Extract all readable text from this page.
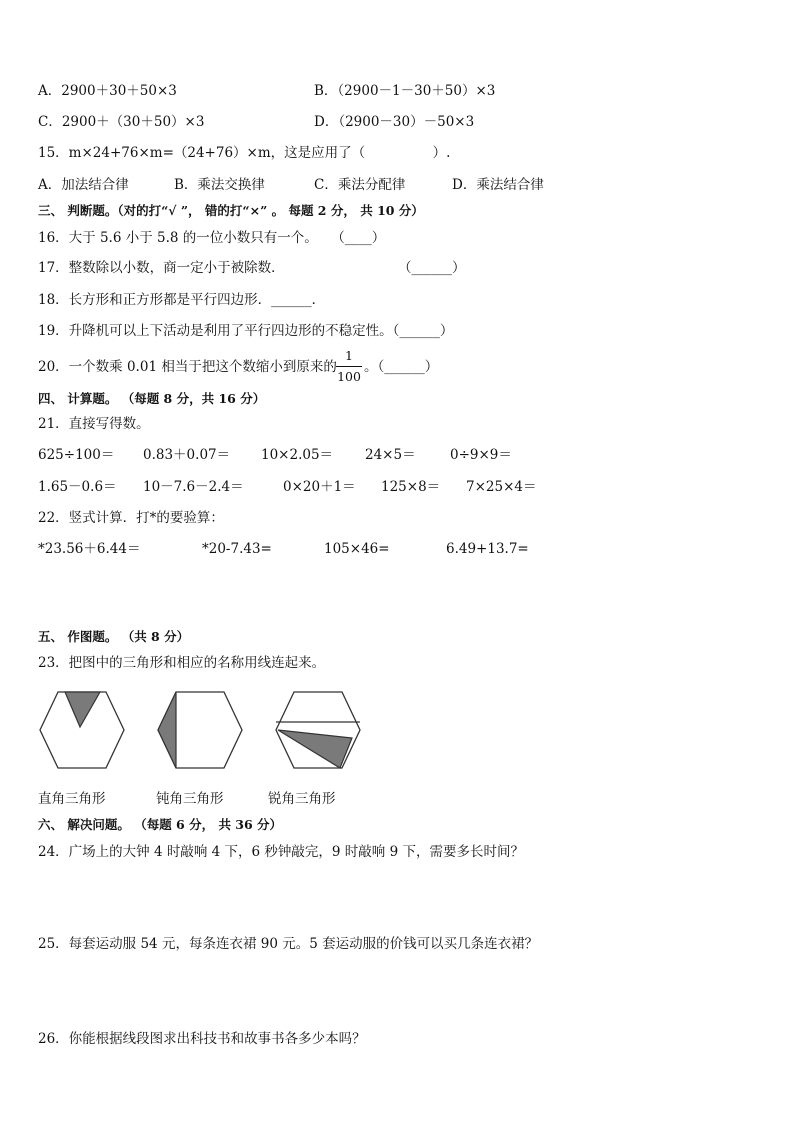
A．2900＋30＋50×3	B．（2900－1－30＋50）×3
C．2900＋（30＋50）×3	D．（2900－30）－50×3
15．m×24+76×m=（24+76）×m，这是应用了（　　　　　）.
A．加法结合律	B．乘法交换律	C．乘法分配律	D．乘法结合律
三、 判断题。（对的打“√ ”， 错的打“×” 。 每题 2 分， 共 10 分）
16．大于 5.6 小于 5.8 的一位小数只有一个。　　（____）
17．整数除以小数，商一定小于被除数．	（______）
18．长方形和正方形都是平行四边形．______．
19．升降机可以上下活动是利用了平行四边形的不稳定性。（______）
20．一个数乘 0.01 相当于把这个数缩小到原来的
1
100
。（______）
四、 计算题。 （每题 8 分，共 16 分）
21．直接写得数。
625÷100＝ 0.83＋0.07＝ 10×2.05＝ 24×5＝	0÷9×9＝
1.65－0.6＝ 10－7.6－2.4＝	0×20＋1＝ 125×8＝ 7×25×4＝
22．竖式计算．打*的要验算：
*23.56＋6.44＝	*20-7.43=	105×46=	6.49+13.7=
五、 作图题。 （共 8 分）
23．把图中的三角形和相应的名称用线连起来。
直角三角形	钝角三角形	锐角三角形
六、 解决问题。 （每题 6 分， 共 36 分）
24．广场上的大钟 4 时敲响 4 下，6 秒钟敲完，9 时敲响 9 下，需要多长时间？
25．每套运动服 54 元，每条连衣裙 90 元。5 套运动服的价钱可以买几条连衣裙？
26．你能根据线段图求出科技书和故事书各多少本吗？
